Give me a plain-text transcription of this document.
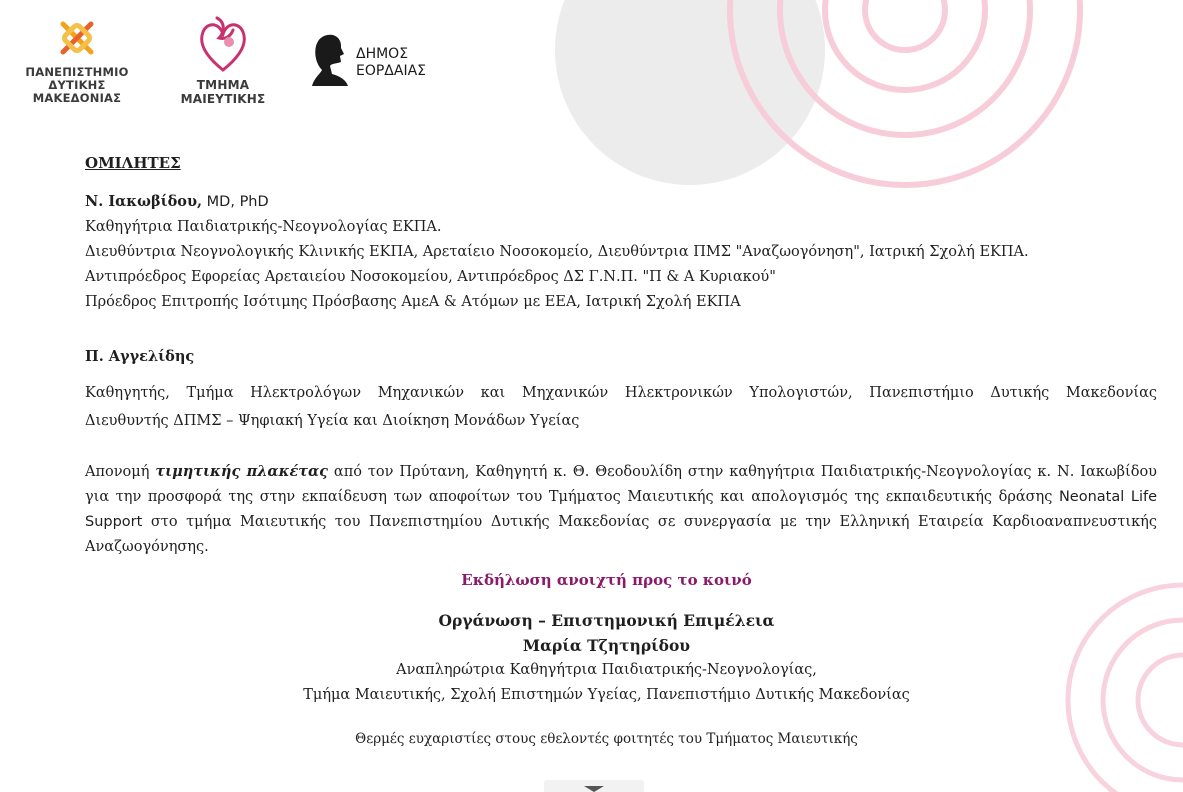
ΠΑΝΕΠΙΣΤΗΜΙΟ
ΔΥΤΙΚΗΣ
ΜΑΚΕΔΟΝΙΑΣ
ΤΜΗΜΑ
ΜΑΙΕΥΤΙΚΗΣ
ΔΗΜΟΣ
ΕΟΡΔΑΙΑΣ
ΟΜΙΛΗΤΕΣ
Ν. Ιακωβίδου, MD, PhD
Καθηγήτρια Παιδιατρικής-Νεογνολογίας ΕΚΠΑ.
Διευθύντρια Νεογνολογικής Κλινικής ΕΚΠΑ, Αρεταίειο Νοσοκομείο, Διευθύντρια ΠΜΣ "Αναζωογόνηση", Ιατρική Σχολή ΕΚΠΑ.
Αντιπρόεδρος Εφορείας Αρεταιείου Νοσοκομείου, Αντιπρόεδρος ΔΣ Γ.Ν.Π. "Π & Α Κυριακού"
Πρόεδρος Επιτροπής Ισότιμης Πρόσβασης ΑμεΑ & Ατόμων με ΕΕΑ, Ιατρική Σχολή ΕΚΠΑ
Π. Αγγελίδης
Καθηγητής, Τμήμα Ηλεκτρολόγων Μηχανικών και Μηχανικών Ηλεκτρονικών Υπολογιστών, Πανεπιστήμιο Δυτικής Μακεδονίας
Διευθυντής ΔΠΜΣ – Ψηφιακή Υγεία και Διοίκηση Μονάδων Υγείας
Απονομή τιμητικής πλακέτας από τον Πρύτανη, Καθηγητή κ. Θ. Θεοδουλίδη στην καθηγήτρια Παιδιατρικής-Νεογνολογίας κ. Ν. Ιακωβίδου για την προσφορά της στην εκπαίδευση των αποφοίτων του Τμήματος Μαιευτικής και απολογισμός της εκπαιδευτικής δράσης Neonatal Life Support στο τμήμα Μαιευτικής του Πανεπιστημίου Δυτικής Μακεδονίας σε συνεργασία με την Ελληνική Εταιρεία Καρδιοαναπνευστικής Αναζωογόνησης.
Εκδήλωση ανοιχτή προς το κοινό
Οργάνωση – Επιστημονική Επιμέλεια
Μαρία Τζητηρίδου
Αναπληρώτρια Καθηγήτρια Παιδιατρικής-Νεογνολογίας,
Τμήμα Μαιευτικής, Σχολή Επιστημών Υγείας, Πανεπιστήμιο Δυτικής Μακεδονίας
Θερμές ευχαριστίες στους εθελοντές φοιτητές του Τμήματος Μαιευτικής
